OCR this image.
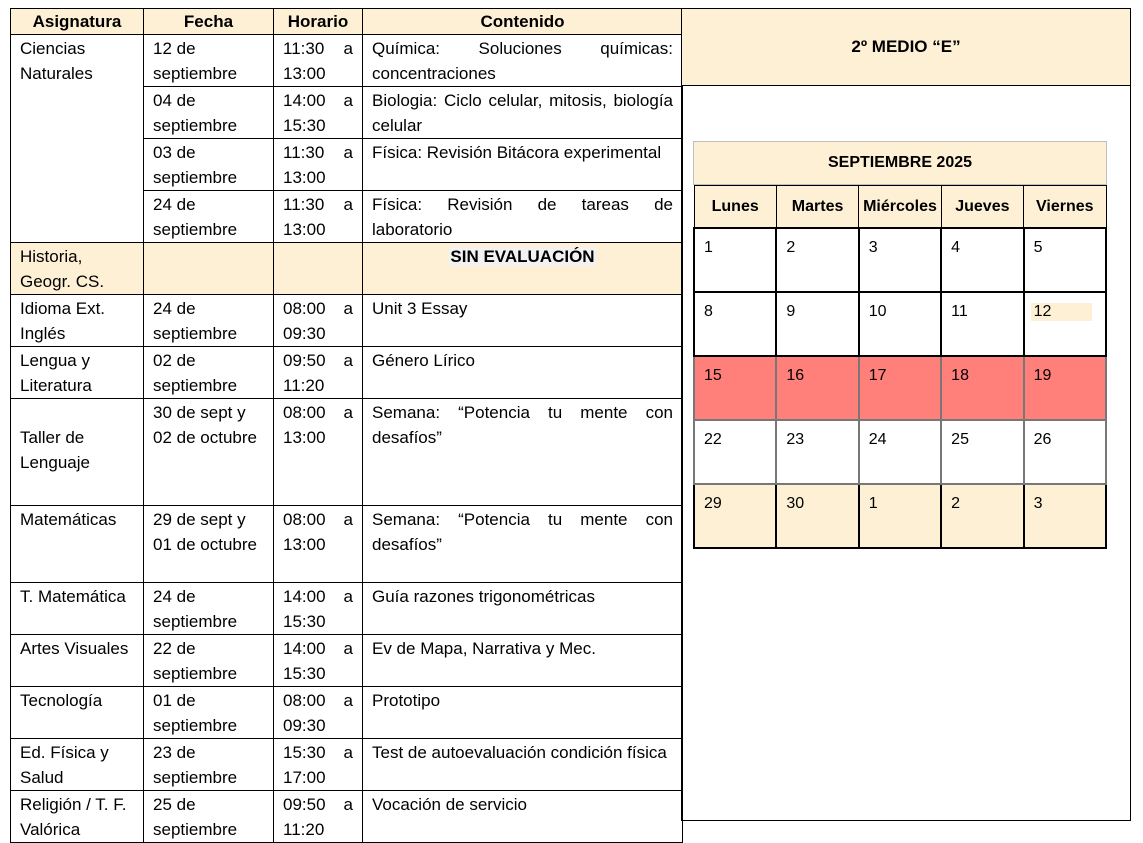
Asignatura	Fecha	Horario	Contenido
Ciencias Naturales	12 de septiembre	11:30 a 13:00	Química: Soluciones químicas: concentraciones
	04 de septiembre	14:00 a 15:30	Biologia: Ciclo celular, mitosis, biología celular
	03 de septiembre	11:30 a 13:00	Física: Revisión Bitácora experimental
	24 de septiembre	11:30 a 13:00	Física: Revisión de tareas de laboratorio
Historia, Geogr. CS.			SIN EVALUACIÓN
Idioma Ext. Inglés	24 de septiembre	08:00 a 09:30	Unit 3 Essay
Lengua y Literatura	02 de septiembre	09:50 a 11:20	Género Lírico
Taller de Lenguaje	30 de sept y 02 de octubre	08:00 a 13:00	Semana: “Potencia tu mente con desafíos”
Matemáticas	29 de sept y 01 de octubre	08:00 a 13:00	Semana: “Potencia tu mente con desafíos”
T. Matemática	24 de septiembre	14:00 a 15:30	Guía razones trigonométricas
Artes Visuales	22 de septiembre	14:00 a 15:30	Ev de Mapa, Narrativa y Mec.
Tecnología	01 de septiembre	08:00 a 09:30	Prototipo
Ed. Física y Salud	23 de septiembre	15:30 a 17:00	Test de autoevaluación condición física
Religión / T. F. Valórica	25 de septiembre	09:50 a 11:20	Vocación de servicio
2º MEDIO “E”
SEPTIEMBRE 2025
Lunes	Martes	Miércoles	Jueves	Viernes
1	2	3	4	5
8	9	10	11	12
15	16	17	18	19
22	23	24	25	26
29	30	1	2	3
